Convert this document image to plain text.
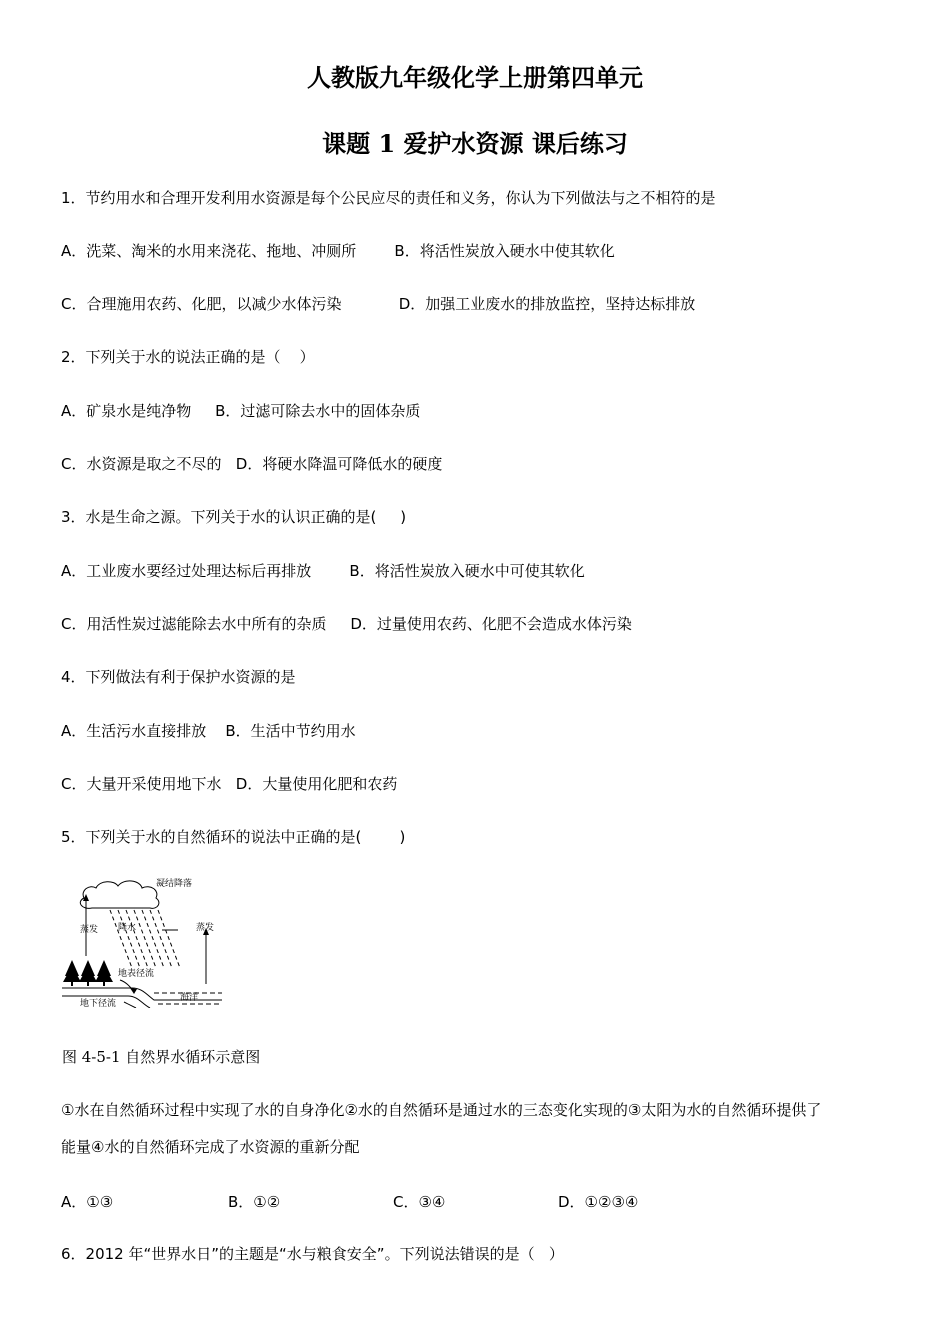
人教版九年级化学上册第四单元
课题 1 爱护水资源 课后练习
1．节约用水和合理开发利用水资源是每个公民应尽的责任和义务，你认为下列做法与之不相符的是
A．洗菜、淘米的水用来浇花、拖地、冲厕所        B．将活性炭放入硬水中使其软化
C．合理施用农药、化肥，以减少水体污染            D．加强工业废水的排放监控，坚持达标排放
2．下列关于水的说法正确的是（    ）
A．矿泉水是纯净物     B．过滤可除去水中的固体杂质
C．水资源是取之不尽的   D．将硬水降温可降低水的硬度
3．水是生命之源。下列关于水的认识正确的是(     )
A．工业废水要经过处理达标后再排放        B．将活性炭放入硬水中可使其软化
C．用活性炭过滤能除去水中所有的杂质     D．过量使用农药、化肥不会造成水体污染
4．下列做法有利于保护水资源的是
A．生活污水直接排放    B．生活中节约用水
C．大量开采使用地下水   D．大量使用化肥和农药
5．下列关于水的自然循环的说法中正确的是(        )
凝结降落
蒸发 降水	蒸发
地表径流
地下径流
海洋
图 4-5-1 自然界水循环示意图
①水在自然循环过程中实现了水的自身净化②水的自然循环是通过水的三态变化实现的③太阳为水的自然循环提供了
能量④水的自然循环完成了水资源的重新分配
A．①③	B．①②	C．③④	D．①②③④
6．2012 年“世界水日”的主题是“水与粮食安全”。下列说法错误的是（   ）
